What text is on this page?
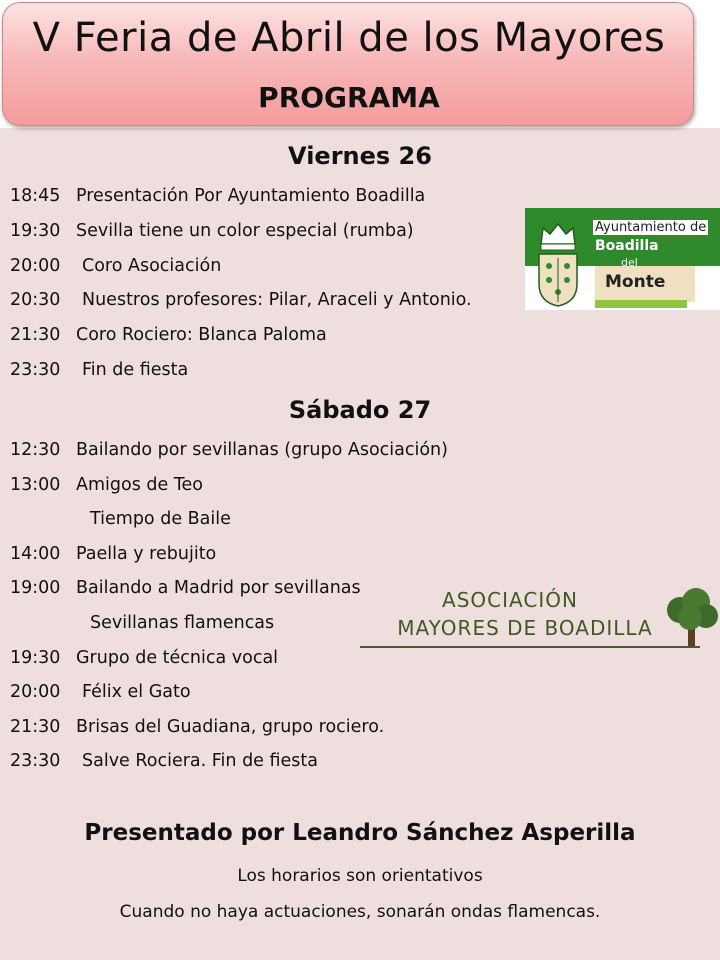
V Feria de Abril de los Mayores
PROGRAMA
Viernes 26
18:45 Presentación Por Ayuntamiento Boadilla
19:30 Sevilla tiene un color especial (rumba)
20:00 Coro Asociación
20:30 Nuestros profesores: Pilar, Araceli y Antonio.
21:30 Coro Rociero: Blanca Paloma
23:30 Fin de fiesta
Sábado 27
12:30 Bailando por sevillanas (grupo Asociación)
13:00 Amigos de Teo
Tiempo de Baile
14:00 Paella y rebujito
19:00 Bailando a Madrid por sevillanas
Sevillanas flamencas
19:30 Grupo de técnica vocal
20:00 Félix el Gato
21:30 Brisas del Guadiana, grupo rociero.
23:30 Salve Rociera. Fin de fiesta
Presentado por Leandro Sánchez Asperilla
Los horarios son orientativos
Cuando no haya actuaciones, sonarán ondas flamencas.
Ayuntamiento de
Boadilla
del
Monte
ASOCIACIÓN
MAYORES DE BOADILLA
